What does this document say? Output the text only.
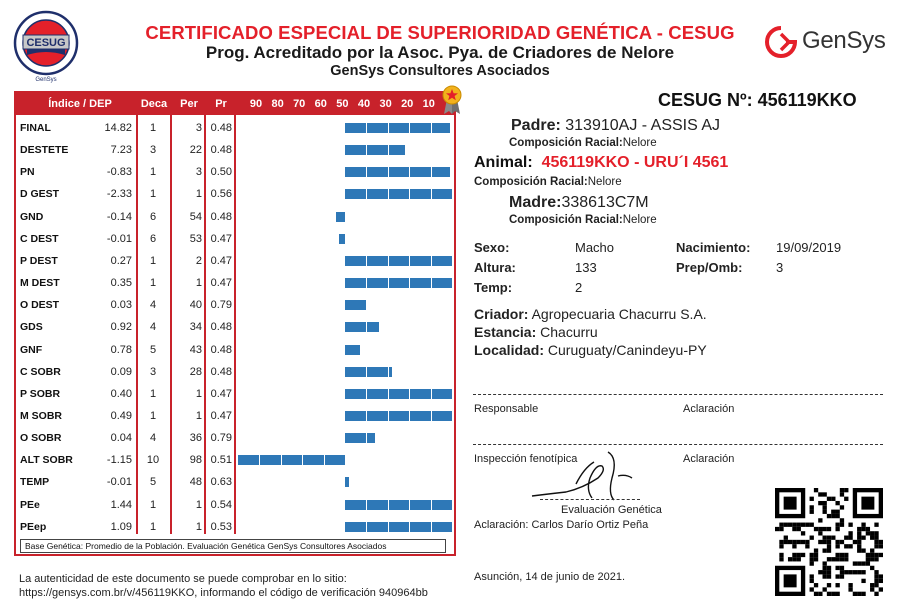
CESUG
GenSys
CERTIFICADO ESPECIAL DE SUPERIORIDAD GENÉTICA - CESUG
Prog. Acreditado por la Asoc. Pya. de Criadores de Nelore
GenSys Consultores Asociados
GenSys
Índice / DEP	Deca	Per	Pr	90 80 70 60 50 40 30 20 10
FINAL	14.82	1	3 0.48
DESTETE	7.23	3	22 0.48
PN	-0.83	1	3 0.50
D GEST	-2.33	1	1 0.56
GND	-0.14	6	54 0.48
C DEST	-0.01	6	53 0.47
P DEST	0.27	1	2 0.47
M DEST	0.35	1	1 0.47
O DEST	0.03	4	40 0.79
GDS	0.92	4	34 0.48
GNF	0.78	5	43 0.48
C SOBR	0.09	3	28 0.48
P SOBR	0.40	1	1 0.47
M SOBR	0.49	1	1 0.47
O SOBR	0.04	4	36 0.79
ALT SOBR	-1.15	10	98 0.51
TEMP	-0.01	5	48 0.63
PEe	1.44	1	1 0.54
PEep	1.09	1	1 0.53
Base Genética: Promedio de la Población. Evaluación Genética GenSys Consultores Asociados
CESUG Nº: 456119KKO
Padre: 313910AJ - ASSIS AJ
Composición Racial:Nelore
Animal: 456119KKO - URU´I 4561
Composición Racial:Nelore
Madre:338613C7M
Composición Racial:Nelore
Sexo:	Macho	Nacimiento: 19/09/2019
Altura:	133	Prep/Omb:	3
Temp:	2
Criador: Agropecuaria Chacurru S.A.
Estancia: Chacurru
Localidad: Curuguaty/Canindeyu-PY
Responsable	Aclaración
Inspección fenotípica	Aclaración
Evaluación Genética
Aclaración: Carlos Darío Ortiz Peña
Asunción, 14 de junio de 2021.
La autenticidad de este documento se puede comprobar en lo sitio:
https://gensys.com.br/v/456119KKO, informando el código de verificación 940964bb
